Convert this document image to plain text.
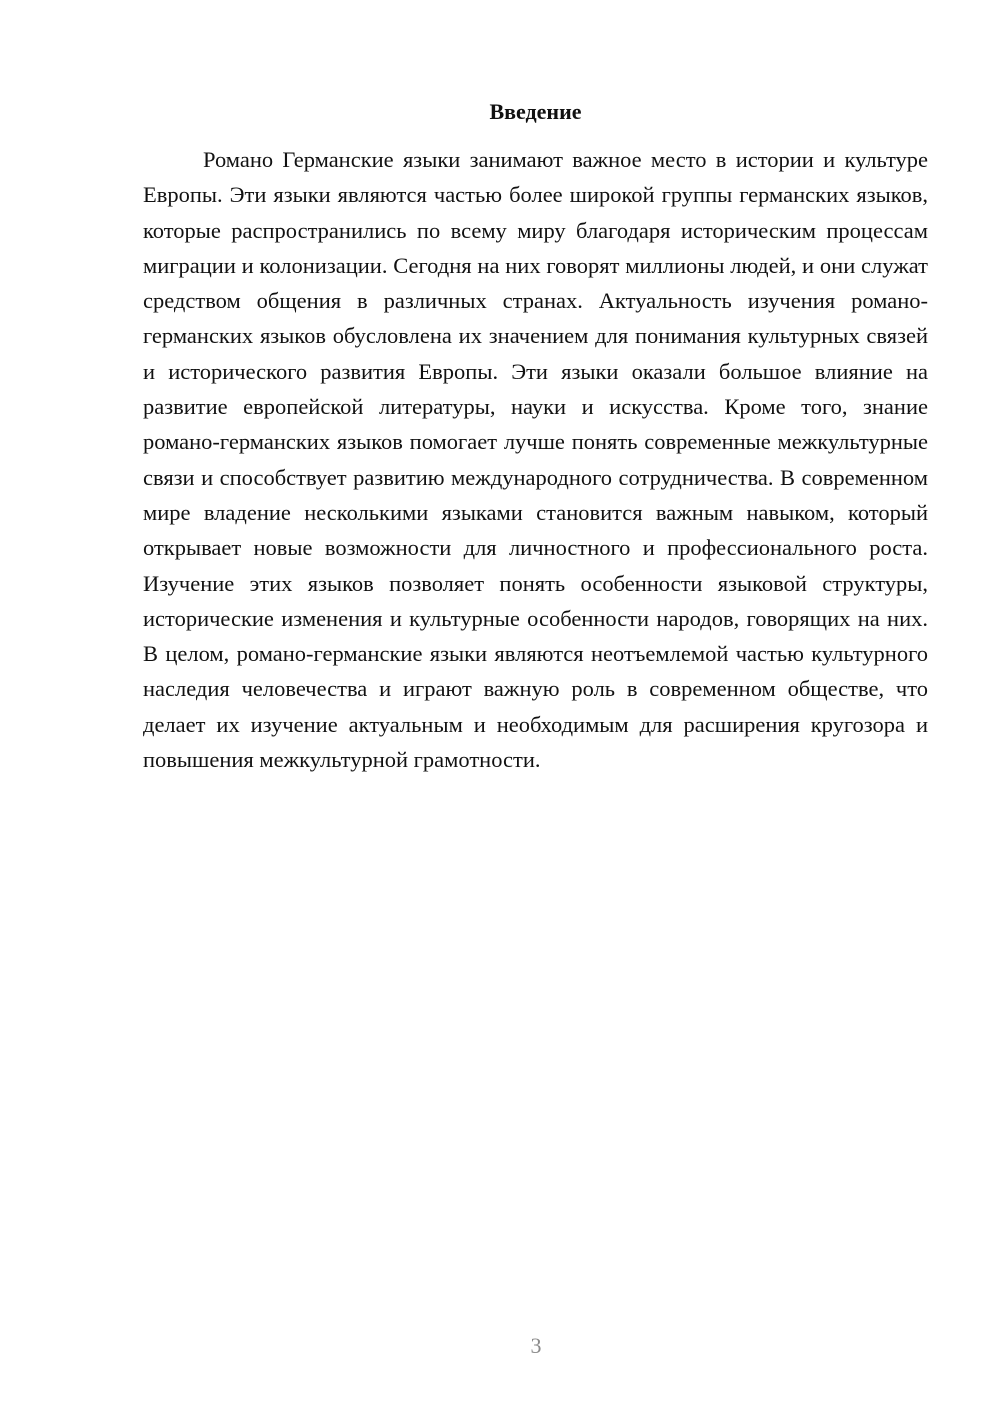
Введение

Романо Германские языки занимают важное место в истории и культуре Европы. Эти языки являются частью более широкой группы германских языков, которые распространились по всему миру благодаря историческим процессам миграции и колонизации. Сегодня на них говорят миллионы людей, и они служат средством общения в различных странах. Актуальность изучения романо-германских языков обусловлена их значением для понимания культурных связей и исторического развития Европы. Эти языки оказали большое влияние на развитие европейской литературы, науки и искусства. Кроме того, знание романо-германских языков помогает лучше понять современные межкультурные связи и способствует развитию международного сотрудничества. В современном мире владение несколькими языками становится важным навыком, который открывает новые возможности для личностного и профессионального роста. Изучение этих языков позволяет понять особенности языковой структуры, исторические изменения и культурные особенности народов, говорящих на них. В целом, романо-германские языки являются неотъемлемой частью культурного наследия человечества и играют важную роль в современном обществе, что делает их изучение актуальным и необходимым для расширения кругозора и повышения межкультурной грамотности.

3
